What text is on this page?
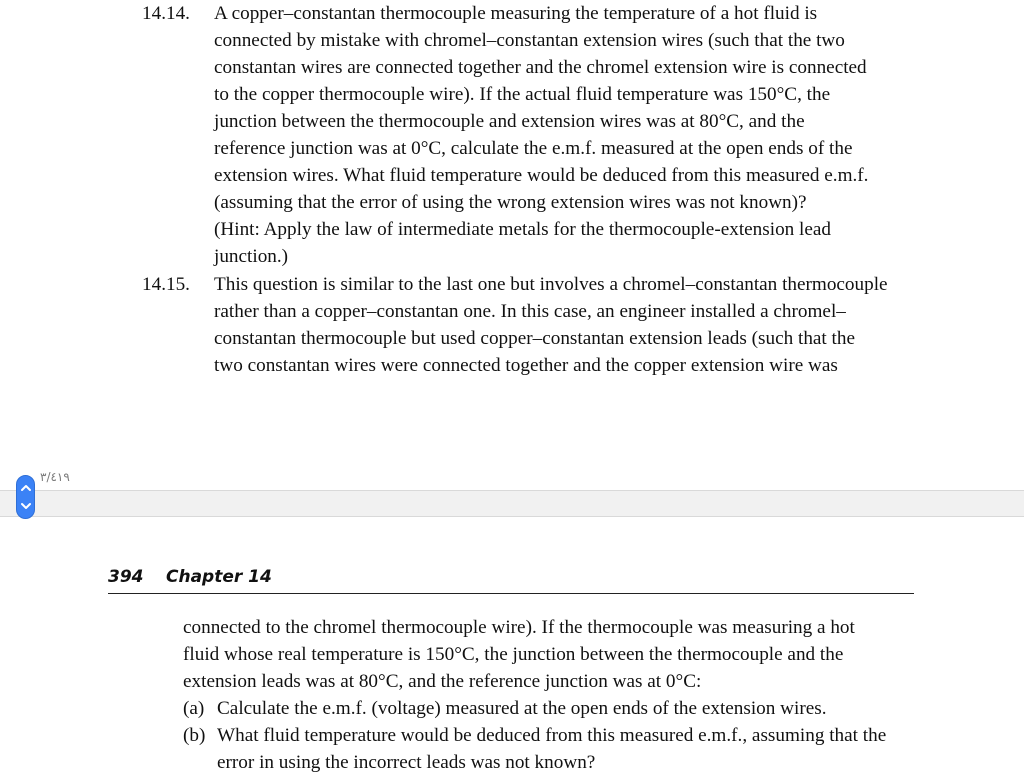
14.14. A copper–constantan thermocouple measuring the temperature of a hot fluid is
connected by mistake with chromel–constantan extension wires (such that the two
constantan wires are connected together and the chromel extension wire is connected
to the copper thermocouple wire). If the actual fluid temperature was 150°C, the
junction between the thermocouple and extension wires was at 80°C, and the
reference junction was at 0°C, calculate the e.m.f. measured at the open ends of the
extension wires. What fluid temperature would be deduced from this measured e.m.f.
(assuming that the error of using the wrong extension wires was not known)?
(Hint: Apply the law of intermediate metals for the thermocouple-extension lead
junction.)
14.15. This question is similar to the last one but involves a chromel–constantan thermocouple
rather than a copper–constantan one. In this case, an engineer installed a chromel–
constantan thermocouple but used copper–constantan extension leads (such that the
two constantan wires were connected together and the copper extension wire was
٣/٤١٩
394 Chapter 14
connected to the chromel thermocouple wire). If the thermocouple was measuring a hot
fluid whose real temperature is 150°C, the junction between the thermocouple and the
extension leads was at 80°C, and the reference junction was at 0°C:
(a) Calculate the e.m.f. (voltage) measured at the open ends of the extension wires.
(b) What fluid temperature would be deduced from this measured e.m.f., assuming that the error in using the incorrect leads was not known?
